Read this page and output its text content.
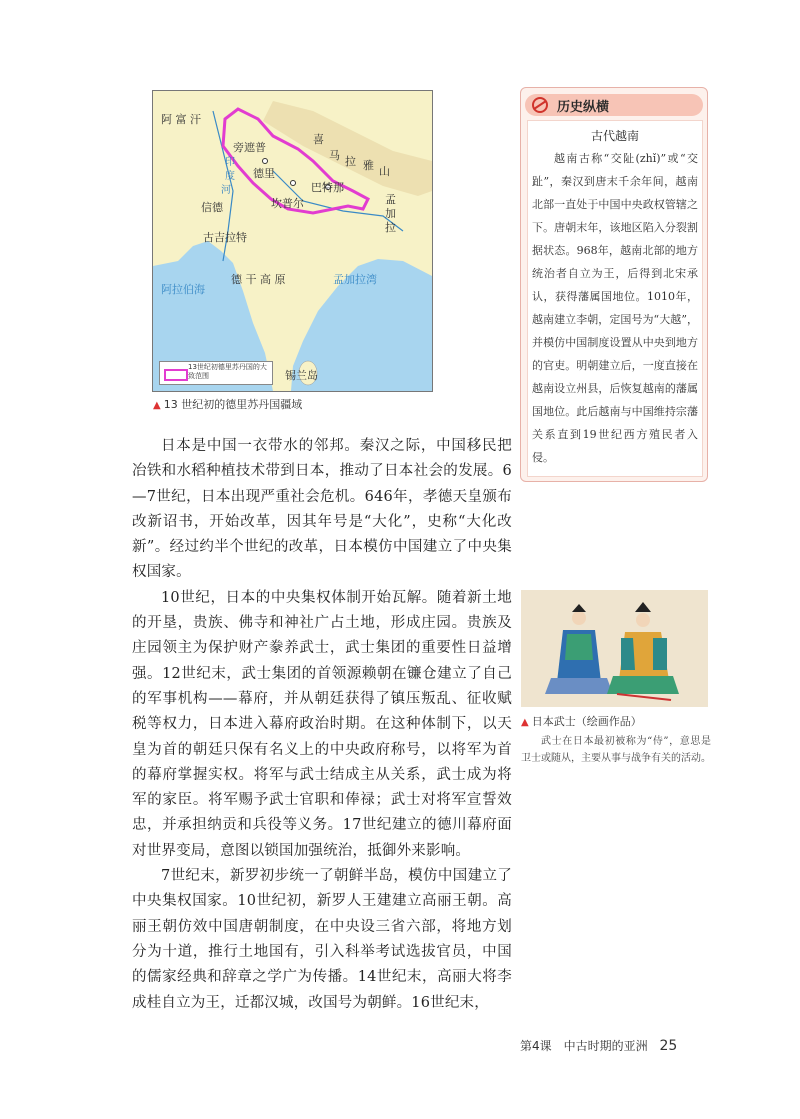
阿 富 汗
旁遮普
德里
坎普尔
巴特那
喜
马 拉 雅 山
印
度
河
信德
古吉拉特
孟
加
拉
德 干 高 原
阿拉伯海
孟加拉湾
锡兰岛
13世纪初德里苏丹国的大致范围
▲ 13 世纪初的德里苏丹国疆域

日本是中国一衣带水的邻邦。秦汉之际，中国移民把冶铁和水稻种植技术带到日本，推动了日本社会的发展。6—7世纪，日本出现严重社会危机。646年，孝德天皇颁布改新诏书，开始改革，因其年号是“大化”，史称“大化改新”。经过约半个世纪的改革，日本模仿中国建立了中央集权国家。

10世纪，日本的中央集权体制开始瓦解。随着新土地的开垦，贵族、佛寺和神社广占土地，形成庄园。贵族及庄园领主为保护财产豢养武士，武士集团的重要性日益增强。12世纪末，武士集团的首领源赖朝在镰仓建立了自己的军事机构——幕府，并从朝廷获得了镇压叛乱、征收赋税等权力，日本进入幕府政治时期。在这种体制下，以天皇为首的朝廷只保有名义上的中央政府称号，以将军为首的幕府掌握实权。将军与武士结成主从关系，武士成为将军的家臣。将军赐予武士官职和俸禄；武士对将军宣誓效忠，并承担纳贡和兵役等义务。17世纪建立的德川幕府面对世界变局，意图以锁国加强统治，抵御外来影响。

7世纪末，新罗初步统一了朝鲜半岛，模仿中国建立了中央集权国家。10世纪初，新罗人王建建立高丽王朝。高丽王朝仿效中国唐朝制度，在中央设三省六部，将地方划分为十道，推行土地国有，引入科举考试选拔官员，中国的儒家经典和辞章之学广为传播。14世纪末，高丽大将李成桂自立为王，迁都汉城，改国号为朝鲜。16世纪末，

历史纵横
古代越南

越南古称“交阯(zhǐ)”或“交趾”，秦汉到唐末千余年间，越南北部一直处于中国中央政权管辖之下。唐朝末年，该地区陷入分裂割据状态。968年，越南北部的地方统治者自立为王，后得到北宋承认，获得藩属国地位。1010年，越南建立李朝，定国号为“大越”，并模仿中国制度设置从中央到地方的官吏。明朝建立后，一度直接在越南设立州县，后恢复越南的藩属国地位。此后越南与中国维持宗藩关系直到19世纪西方殖民者入侵。

▲ 日本武士（绘画作品）

武士在日本最初被称为“侍”，意思是卫士或随从，主要从事与战争有关的活动。

第4课　中古时期的亚洲 25
